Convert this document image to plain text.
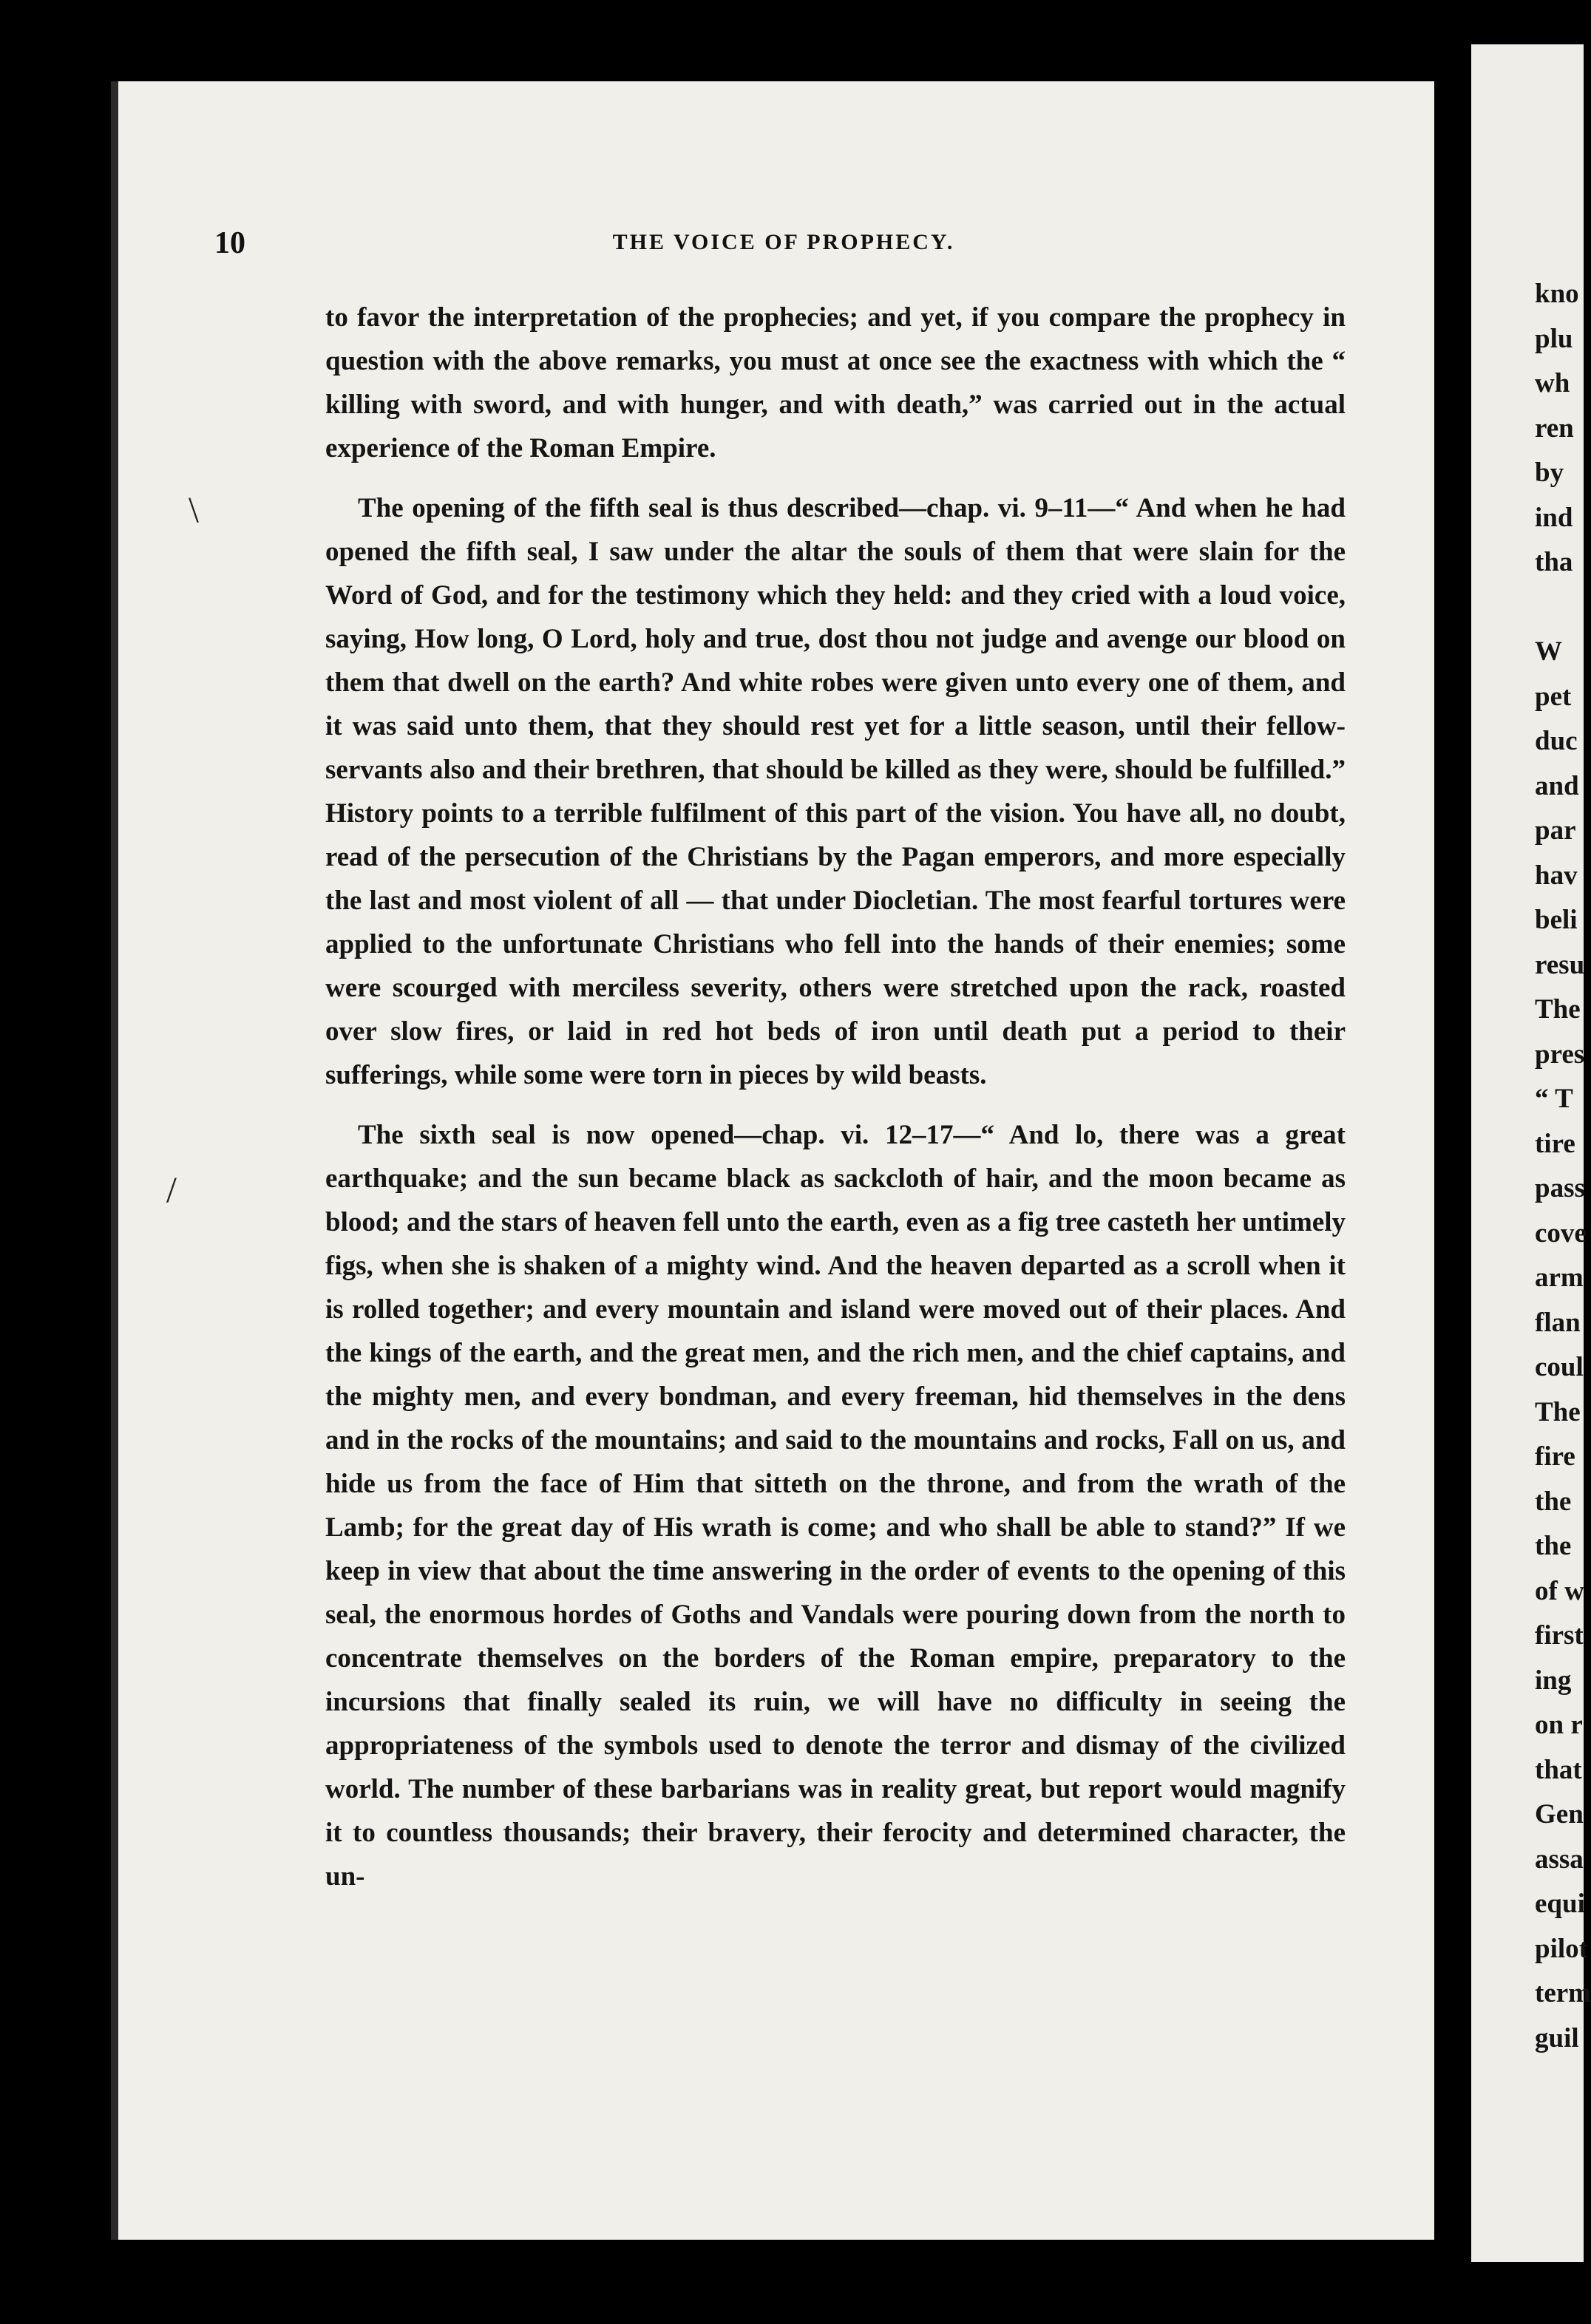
10	THE VOICE OF PROPHECY.

to favor the interpretation of the prophecies; and yet, if you compare the prophecy in question with the above remarks, you must at once see the exactness with which the “ killing with sword, and with hunger, and with death,” was carried out in the actual experience of the Roman Empire.

The opening of the fifth seal is thus described—chap. vi. 9–11—“ And when he had opened the fifth seal, I saw under the altar the souls of them that were slain for the Word of God, and for the testimony which they held: and they cried with a loud voice, saying, How long, O Lord, holy and true, dost thou not judge and avenge our blood on them that dwell on the earth? And white robes were given unto every one of them, and it was said unto them, that they should rest yet for a little season, until their fellow-servants also and their brethren, that should be killed as they were, should be fulfilled.” History points to a terrible fulfilment of this part of the vision. You have all, no doubt, read of the persecution of the Christians by the Pagan emperors, and more especially the last and most violent of all — that under Diocletian. The most fearful tortures were applied to the unfortunate Christians who fell into the hands of their enemies; some were scourged with merciless severity, others were stretched upon the rack, roasted over slow fires, or laid in red hot beds of iron until death put a period to their sufferings, while some were torn in pieces by wild beasts.

The sixth seal is now opened—chap. vi. 12–17—“ And lo, there was a great earthquake; and the sun became black as sackcloth of hair, and the moon became as blood; and the stars of heaven fell unto the earth, even as a fig tree casteth her untimely figs, when she is shaken of a mighty wind. And the heaven departed as a scroll when it is rolled together; and every mountain and island were moved out of their places. And the kings of the earth, and the great men, and the rich men, and the chief captains, and the mighty men, and every bondman, and every freeman, hid themselves in the dens and in the rocks of the mountains; and said to the mountains and rocks, Fall on us, and hide us from the face of Him that sitteth on the throne, and from the wrath of the Lamb; for the great day of His wrath is come; and who shall be able to stand?” If we keep in view that about the time answering in the order of events to the opening of this seal, the enormous hordes of Goths and Vandals were pouring down from the north to concentrate themselves on the borders of the Roman empire, preparatory to the incursions that finally sealed its ruin, we will have no difficulty in seeing the appropriateness of the symbols used to denote the terror and dismay of the civilized world. The number of these barbarians was in reality great, but report would magnify it to countless thousands; their bravery, their ferocity and determined character, the un-

kno
plu
wh
ren
by
ind
tha
W
pet
duc
and
par
hav
beli
resu
The
pres
“ T
tire
pass
cove
arm
flan
coul
The
fire
the
the
of w
first
ing
on r
that
Gen
assa
equi
pilot
term
guil
\
/
